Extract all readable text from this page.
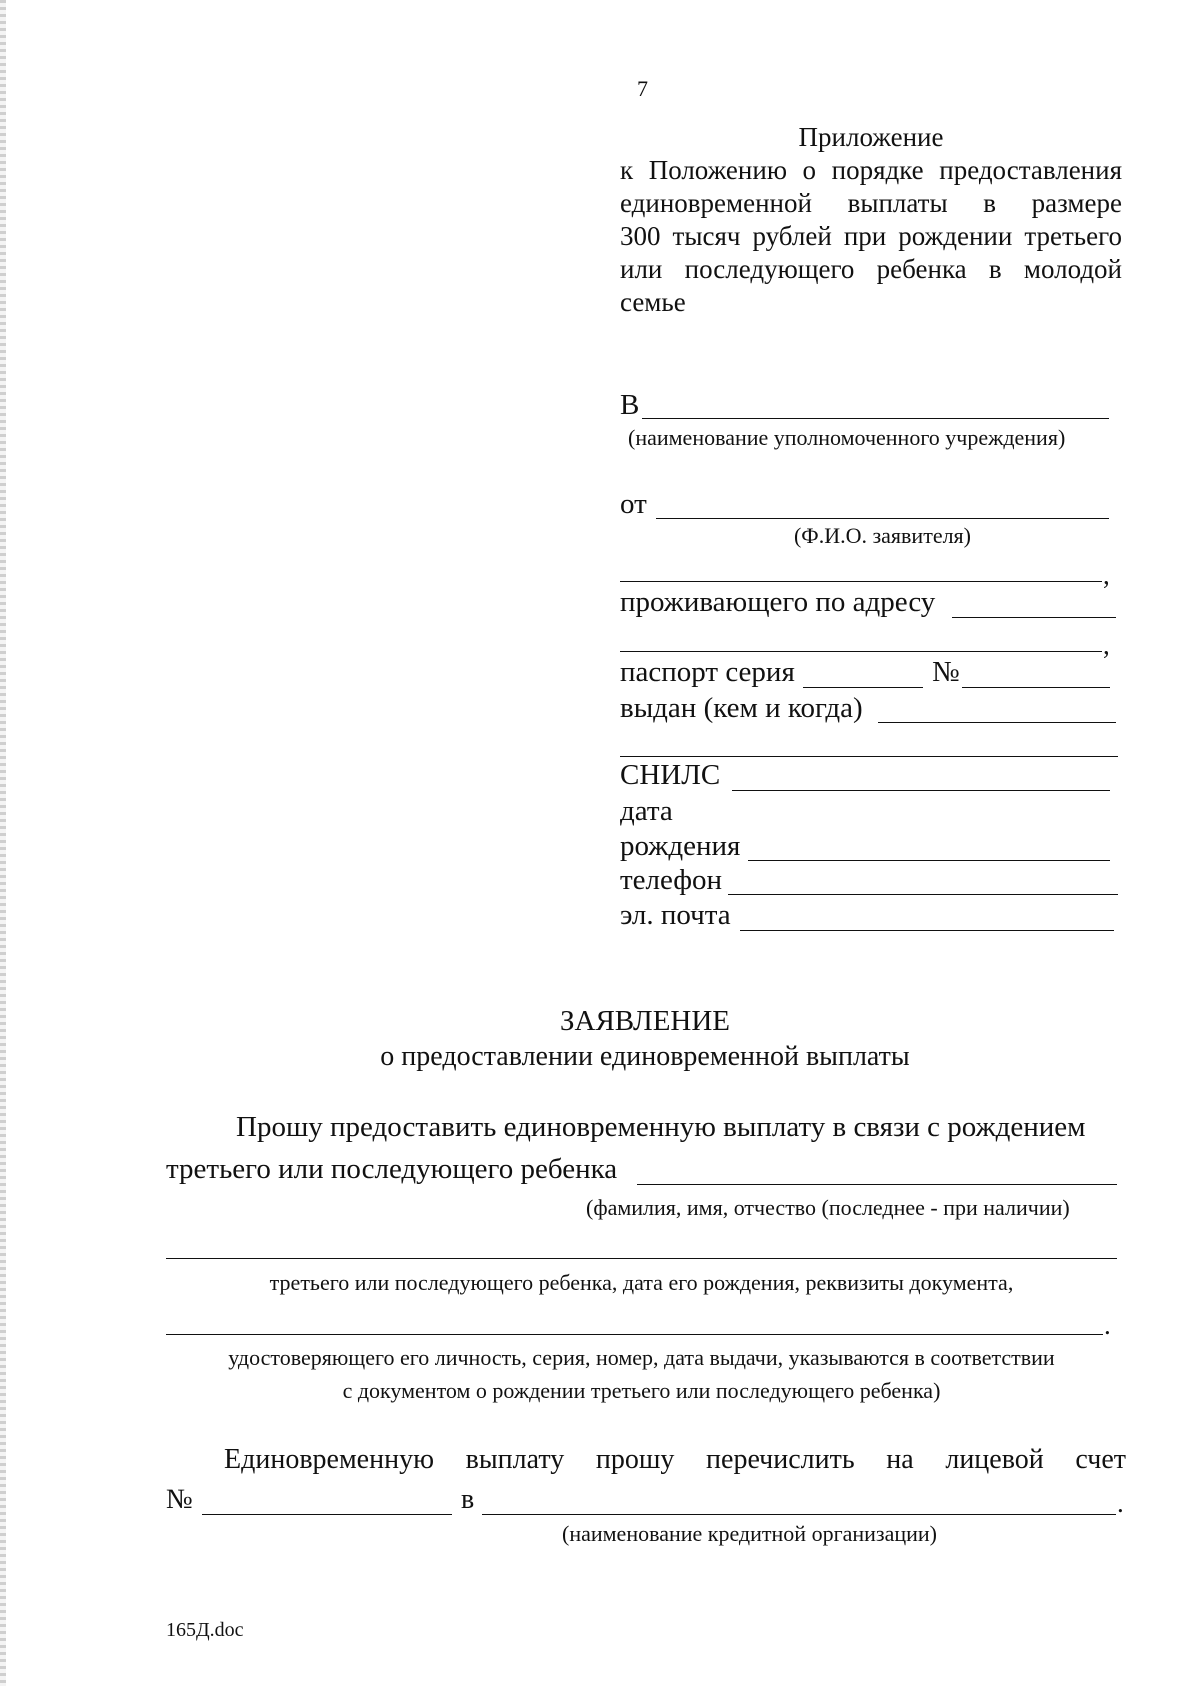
7
Приложение
к Положению о порядке предоставления
единовременной выплаты в размере
300 тысяч рублей при рождении третьего
или последующего ребенка в молодой
семье
В
(наименование уполномоченного учреждения)
от
(Ф.И.О. заявителя)
,
проживающего по адресу
,
паспорт серия	№
выдан (кем и когда)
СНИЛС
дата
рождения
телефон
эл. почта
ЗАЯВЛЕНИЕ
о предоставлении единовременной выплаты
Прошу предоставить единовременную выплату в связи с рождением
третьего или последующего ребенка
(фамилия, имя, отчество (последнее - при наличии)
третьего или последующего ребенка, дата его рождения, реквизиты документа,
.
удостоверяющего его личность, серия, номер, дата выдачи, указываются в соответствии
с документом о рождении третьего или последующего ребенка)
Единовременную выплату прошу перечислить на лицевой счет
№	в	.
(наименование кредитной организации)
165Д.doc
